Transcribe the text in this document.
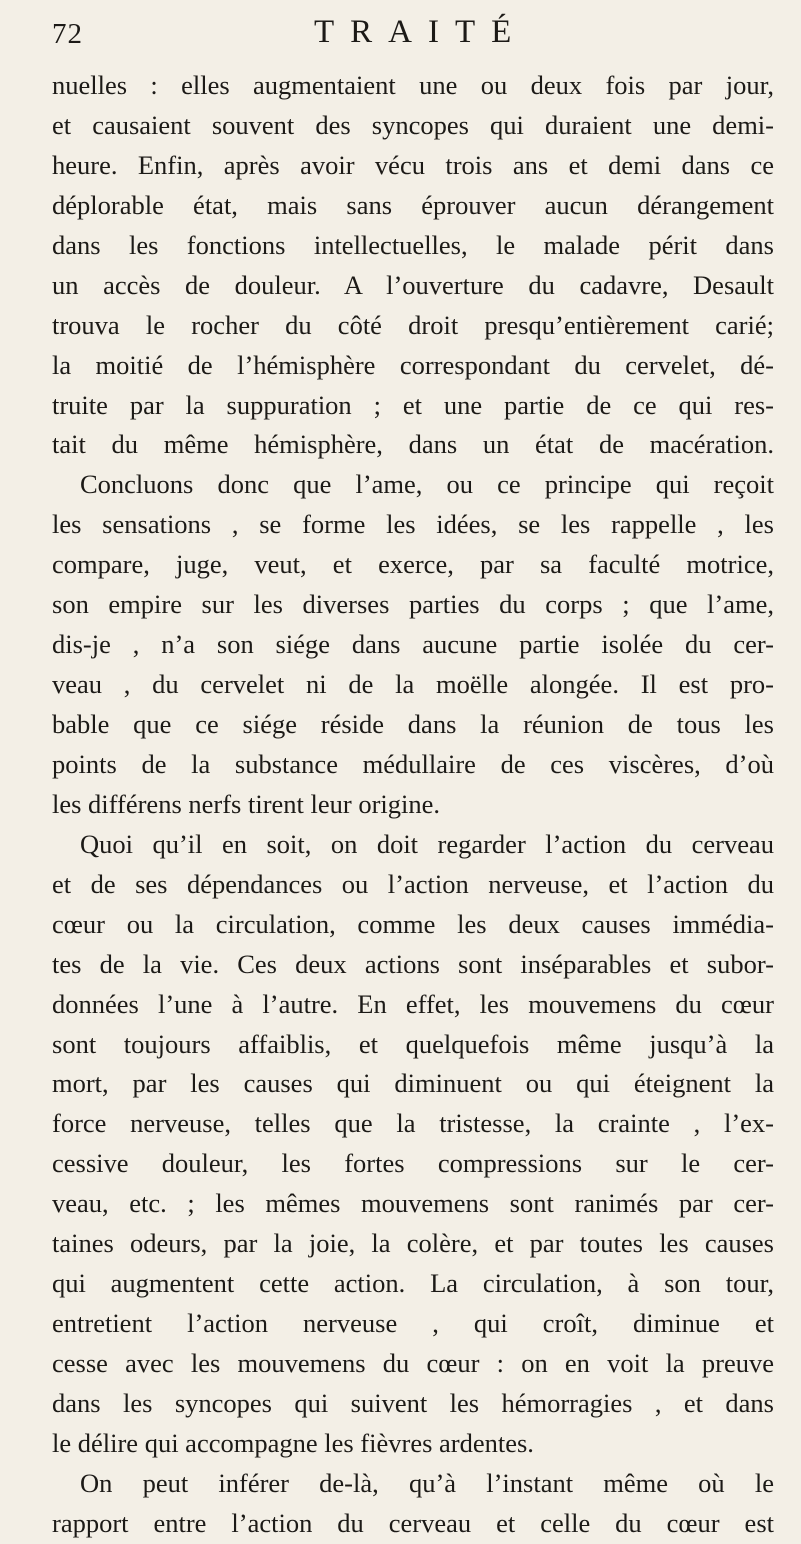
72	TRAITÉ
nuelles : elles augmentaient une ou deux fois par jour,
et causaient souvent des syncopes qui duraient une demi-
heure. Enfin, après avoir vécu trois ans et demi dans ce
déplorable état, mais sans éprouver aucun dérangement
dans les fonctions intellectuelles, le malade périt dans
un accès de douleur. A l’ouverture du cadavre, Desault
trouva le rocher du côté droit presqu’entièrement carié;
la moitié de l’hémisphère correspondant du cervelet, dé-
truite par la suppuration ; et une partie de ce qui res-
tait du même hémisphère, dans un état de macération.
Concluons donc que l’ame, ou ce principe qui reçoit
les sensations , se forme les idées, se les rappelle , les
compare, juge, veut, et exerce, par sa faculté motrice,
son empire sur les diverses parties du corps ; que l’ame,
dis-je , n’a son siége dans aucune partie isolée du cer-
veau , du cervelet ni de la moëlle alongée. Il est pro-
bable que ce siége réside dans la réunion de tous les
points de la substance médullaire de ces viscères, d’où
les différens nerfs tirent leur origine.
Quoi qu’il en soit, on doit regarder l’action du cerveau
et de ses dépendances ou l’action nerveuse, et l’action du
cœur ou la circulation, comme les deux causes immédia-
tes de la vie. Ces deux actions sont inséparables et subor-
données l’une à l’autre. En effet, les mouvemens du cœur
sont toujours affaiblis, et quelquefois même jusqu’à la
mort, par les causes qui diminuent ou qui éteignent la
force nerveuse, telles que la tristesse, la crainte , l’ex-
cessive douleur, les fortes compressions sur le cer-
veau, etc. ; les mêmes mouvemens sont ranimés par cer-
taines odeurs, par la joie, la colère, et par toutes les causes
qui augmentent cette action. La circulation, à son tour,
entretient l’action nerveuse , qui croît, diminue et
cesse avec les mouvemens du cœur : on en voit la preuve
dans les syncopes qui suivent les hémorragies , et dans
le délire qui accompagne les fièvres ardentes.
On peut inférer de-là, qu’à l’instant même où le
rapport entre l’action du cerveau et celle du cœur est
